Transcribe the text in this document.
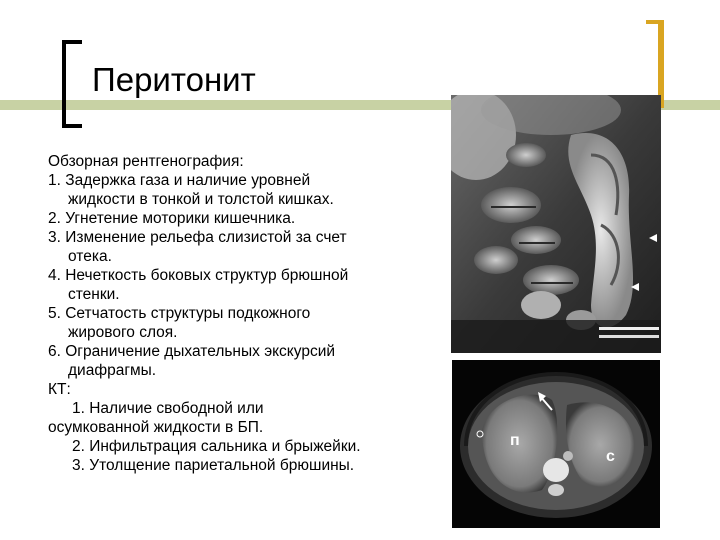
Перитонит
Обзорная рентгенография:
1. Задержка газа и наличие уровней
жидкости в тонкой и толстой кишках.
2. Угнетение моторики кишечника.
3. Изменение рельефа слизистой за счет
отека.
4. Нечеткость боковых структур брюшной
стенки.
5. Сетчатость структуры подкожного
жирового слоя.
6. Ограничение дыхательных экскурсий
диафрагмы.
КТ:
1. Наличие свободной или
осумкованной жидкости в БП.
2. Инфильтрация сальника и брыжейки.
3. Утолщение париетальной брюшины.
п
с
